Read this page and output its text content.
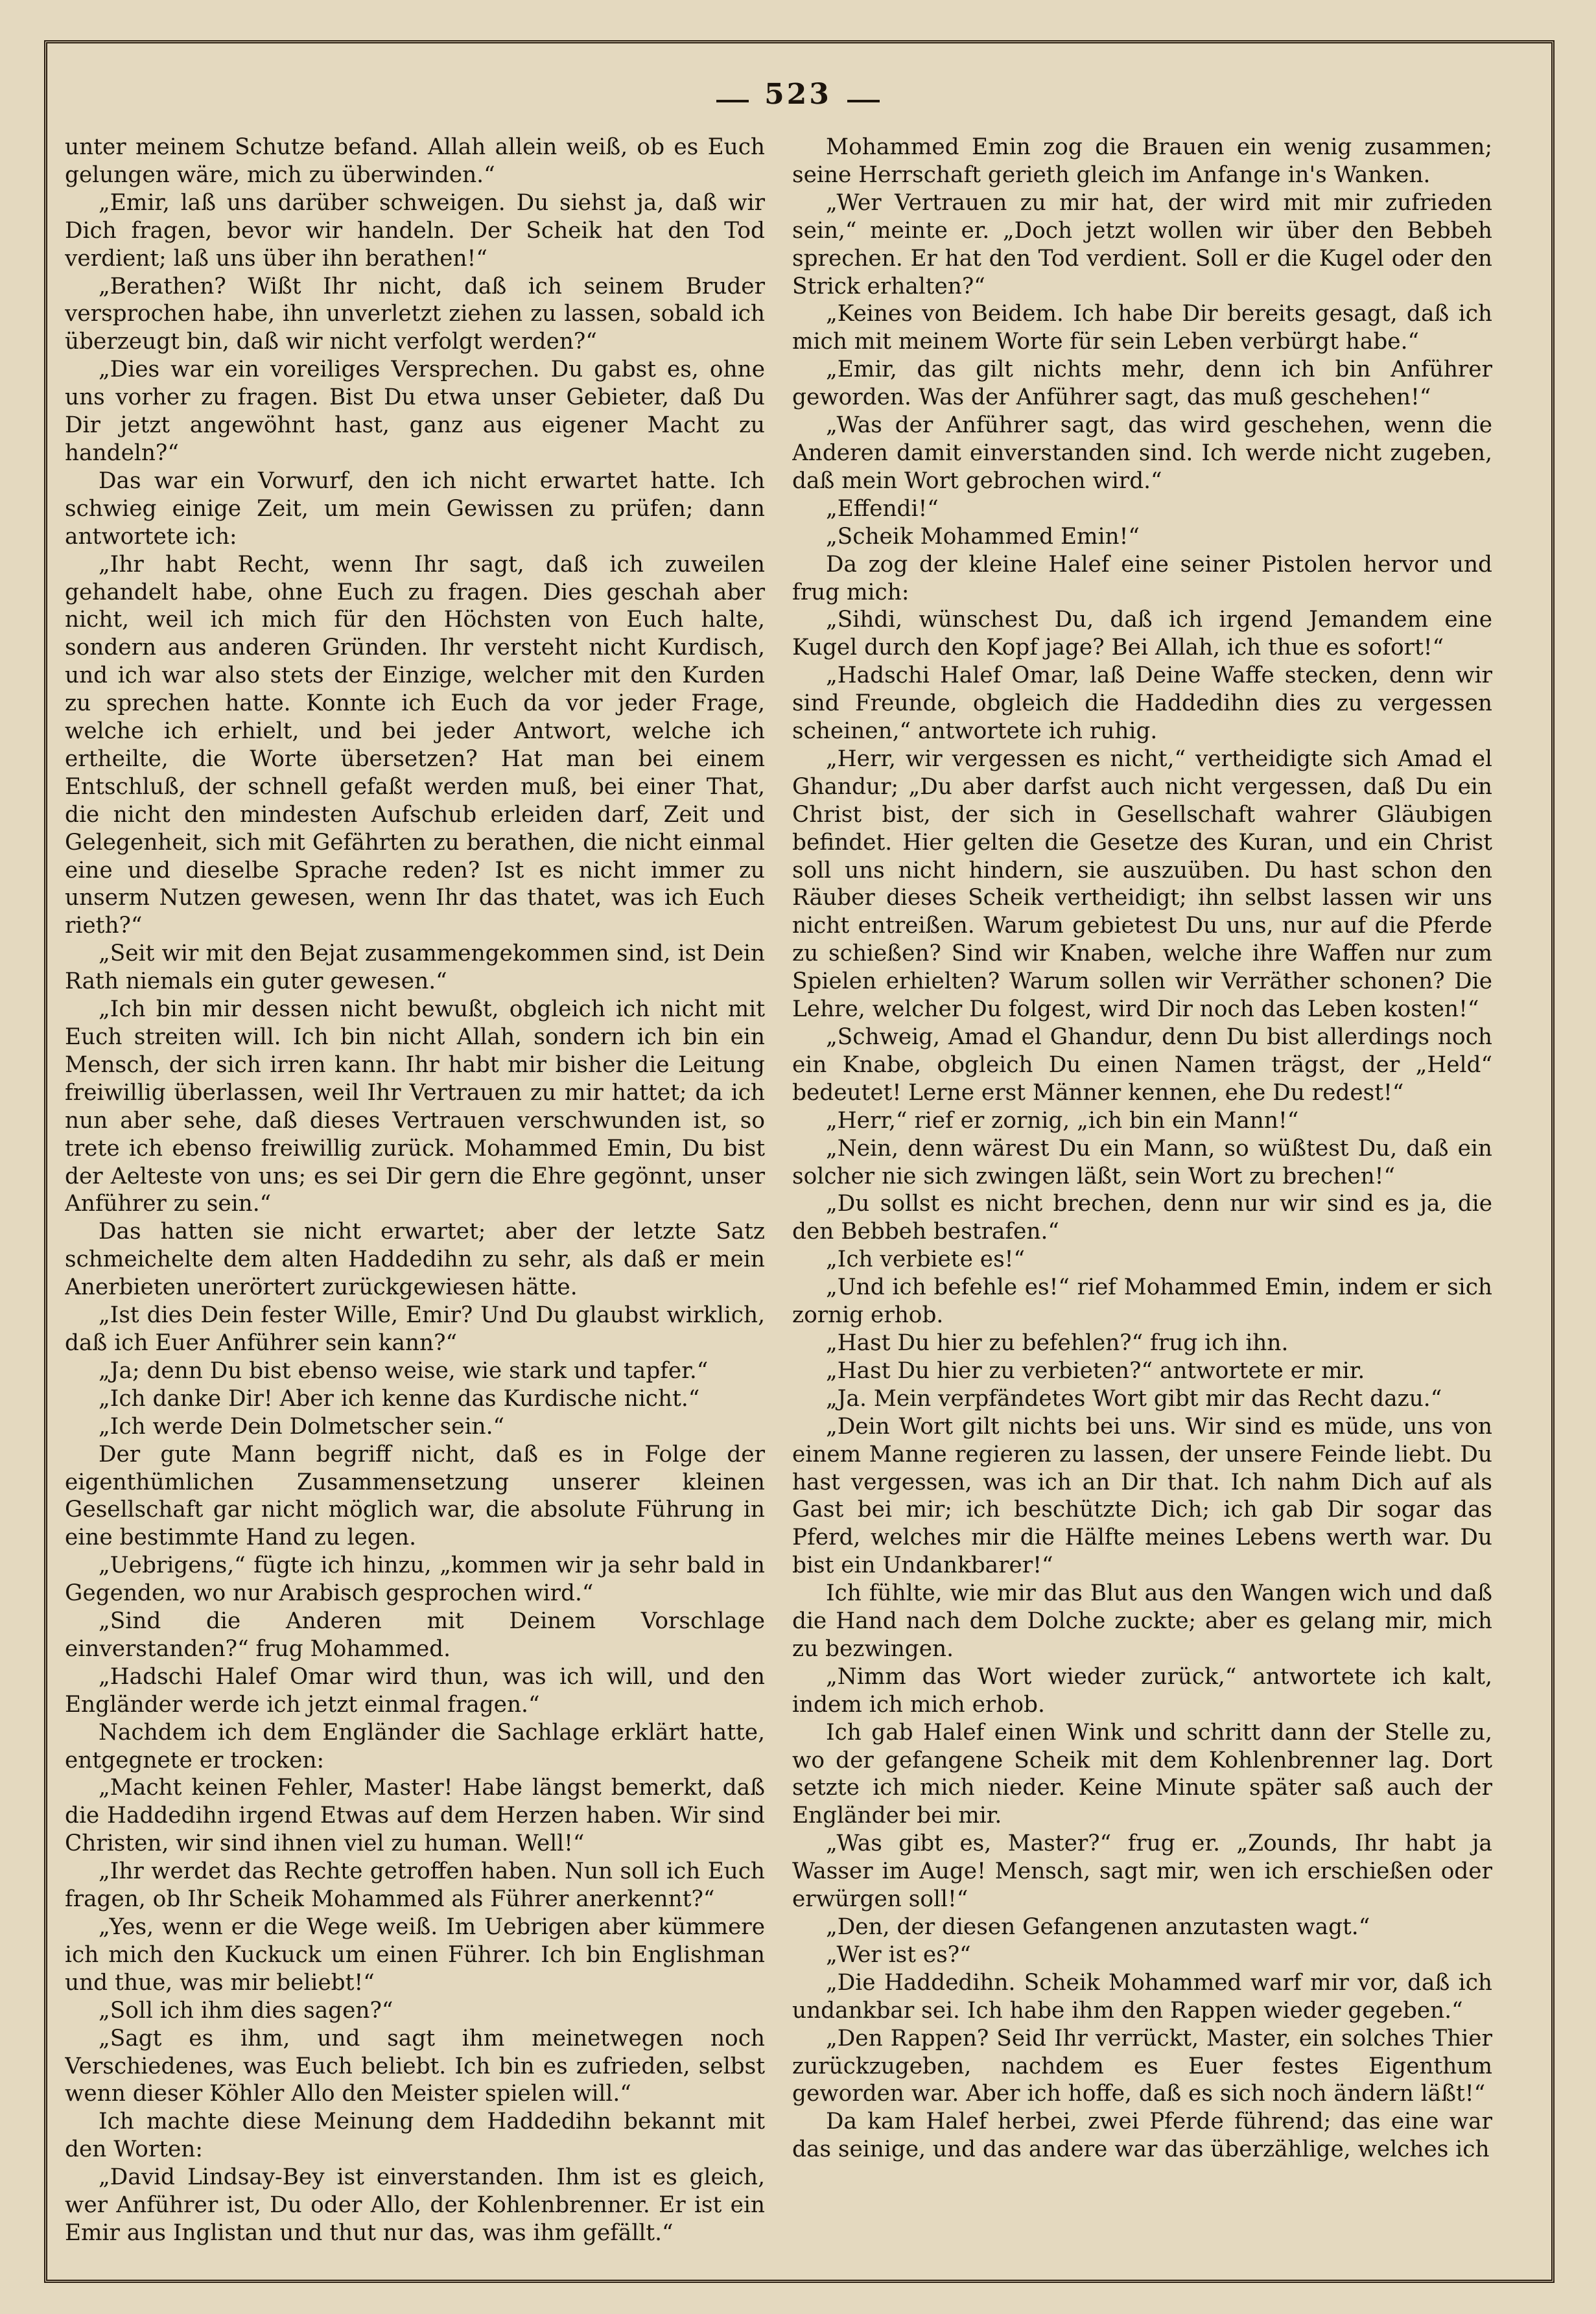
523

unter meinem Schutze befand. Allah allein weiß, ob es Euch gelungen wäre, mich zu überwinden.“

„Emir, laß uns darüber schweigen. Du siehst ja, daß wir Dich fragen, bevor wir handeln. Der Scheik hat den Tod verdient; laß uns über ihn berathen!“

„Berathen? Wißt Ihr nicht, daß ich seinem Bruder versprochen habe, ihn unverletzt ziehen zu lassen, sobald ich überzeugt bin, daß wir nicht verfolgt werden?“

„Dies war ein voreiliges Versprechen. Du gabst es, ohne uns vorher zu fragen. Bist Du etwa unser Gebieter, daß Du Dir jetzt angewöhnt hast, ganz aus eigener Macht zu handeln?“

Das war ein Vorwurf, den ich nicht erwartet hatte. Ich schwieg einige Zeit, um mein Gewissen zu prüfen; dann antwortete ich:

„Ihr habt Recht, wenn Ihr sagt, daß ich zuweilen gehandelt habe, ohne Euch zu fragen. Dies geschah aber nicht, weil ich mich für den Höchsten von Euch halte, sondern aus anderen Gründen. Ihr versteht nicht Kurdisch, und ich war also stets der Einzige, welcher mit den Kurden zu sprechen hatte. Konnte ich Euch da vor jeder Frage, welche ich erhielt, und bei jeder Antwort, welche ich ertheilte, die Worte übersetzen? Hat man bei einem Entschluß, der schnell gefaßt werden muß, bei einer That, die nicht den mindesten Aufschub erleiden darf, Zeit und Gelegenheit, sich mit Gefährten zu berathen, die nicht einmal eine und dieselbe Sprache reden? Ist es nicht immer zu unserm Nutzen gewesen, wenn Ihr das thatet, was ich Euch rieth?“

„Seit wir mit den Bejat zusammengekommen sind, ist Dein Rath niemals ein guter gewesen.“

„Ich bin mir dessen nicht bewußt, obgleich ich nicht mit Euch streiten will. Ich bin nicht Allah, sondern ich bin ein Mensch, der sich irren kann. Ihr habt mir bisher die Leitung freiwillig überlassen, weil Ihr Vertrauen zu mir hattet; da ich nun aber sehe, daß dieses Vertrauen verschwunden ist, so trete ich ebenso freiwillig zurück. Mohammed Emin, Du bist der Aelteste von uns; es sei Dir gern die Ehre gegönnt, unser Anführer zu sein.“

Das hatten sie nicht erwartet; aber der letzte Satz schmeichelte dem alten Haddedihn zu sehr, als daß er mein Anerbieten unerörtert zurückgewiesen hätte.

„Ist dies Dein fester Wille, Emir? Und Du glaubst wirklich, daß ich Euer Anführer sein kann?“

„Ja; denn Du bist ebenso weise, wie stark und tapfer.“

„Ich danke Dir! Aber ich kenne das Kurdische nicht.“

„Ich werde Dein Dolmetscher sein.“

Der gute Mann begriff nicht, daß es in Folge der eigenthümlichen Zusammensetzung unserer kleinen Gesellschaft gar nicht möglich war, die absolute Führung in eine bestimmte Hand zu legen.

„Uebrigens,“ fügte ich hinzu, „kommen wir ja sehr bald in Gegenden, wo nur Arabisch gesprochen wird.“

„Sind die Anderen mit Deinem Vorschlage einverstanden?“ frug Mohammed.

„Hadschi Halef Omar wird thun, was ich will, und den Engländer werde ich jetzt einmal fragen.“

Nachdem ich dem Engländer die Sachlage erklärt hatte, entgegnete er trocken:

„Macht keinen Fehler, Master! Habe längst bemerkt, daß die Haddedihn irgend Etwas auf dem Herzen haben. Wir sind Christen, wir sind ihnen viel zu human. Well!“

„Ihr werdet das Rechte getroffen haben. Nun soll ich Euch fragen, ob Ihr Scheik Mohammed als Führer anerkennt?“

„Yes, wenn er die Wege weiß. Im Uebrigen aber kümmere ich mich den Kuckuck um einen Führer. Ich bin Englishman und thue, was mir beliebt!“

„Soll ich ihm dies sagen?“

„Sagt es ihm, und sagt ihm meinetwegen noch Verschiedenes, was Euch beliebt. Ich bin es zufrieden, selbst wenn dieser Köhler Allo den Meister spielen will.“

Ich machte diese Meinung dem Haddedihn bekannt mit den Worten:

„David Lindsay-Bey ist einverstanden. Ihm ist es gleich, wer Anführer ist, Du oder Allo, der Kohlenbrenner. Er ist ein Emir aus Inglistan und thut nur das, was ihm gefällt.“

Mohammed Emin zog die Brauen ein wenig zusammen; seine Herrschaft gerieth gleich im Anfange in's Wanken.

„Wer Vertrauen zu mir hat, der wird mit mir zufrieden sein,“ meinte er. „Doch jetzt wollen wir über den Bebbeh sprechen. Er hat den Tod verdient. Soll er die Kugel oder den Strick erhalten?“

„Keines von Beidem. Ich habe Dir bereits gesagt, daß ich mich mit meinem Worte für sein Leben verbürgt habe.“

„Emir, das gilt nichts mehr, denn ich bin Anführer geworden. Was der Anführer sagt, das muß geschehen!“

„Was der Anführer sagt, das wird geschehen, wenn die Anderen damit einverstanden sind. Ich werde nicht zugeben, daß mein Wort gebrochen wird.“

„Effendi!“

„Scheik Mohammed Emin!“

Da zog der kleine Halef eine seiner Pistolen hervor und frug mich:

„Sihdi, wünschest Du, daß ich irgend Jemandem eine Kugel durch den Kopf jage? Bei Allah, ich thue es sofort!“

„Hadschi Halef Omar, laß Deine Waffe stecken, denn wir sind Freunde, obgleich die Haddedihn dies zu vergessen scheinen,“ antwortete ich ruhig.

„Herr, wir vergessen es nicht,“ vertheidigte sich Amad el Ghandur; „Du aber darfst auch nicht vergessen, daß Du ein Christ bist, der sich in Gesellschaft wahrer Gläubigen befindet. Hier gelten die Gesetze des Kuran, und ein Christ soll uns nicht hindern, sie auszuüben. Du hast schon den Räuber dieses Scheik vertheidigt; ihn selbst lassen wir uns nicht entreißen. Warum gebietest Du uns, nur auf die Pferde zu schießen? Sind wir Knaben, welche ihre Waffen nur zum Spielen erhielten? Warum sollen wir Verräther schonen? Die Lehre, welcher Du folgest, wird Dir noch das Leben kosten!“

„Schweig, Amad el Ghandur, denn Du bist allerdings noch ein Knabe, obgleich Du einen Namen trägst, der „Held“ bedeutet! Lerne erst Männer kennen, ehe Du redest!“

„Herr,“ rief er zornig, „ich bin ein Mann!“

„Nein, denn wärest Du ein Mann, so wüßtest Du, daß ein solcher nie sich zwingen läßt, sein Wort zu brechen!“

„Du sollst es nicht brechen, denn nur wir sind es ja, die den Bebbeh bestrafen.“

„Ich verbiete es!“

„Und ich befehle es!“ rief Mohammed Emin, indem er sich zornig erhob.

„Hast Du hier zu befehlen?“ frug ich ihn.

„Hast Du hier zu verbieten?“ antwortete er mir.

„Ja. Mein verpfändetes Wort gibt mir das Recht dazu.“

„Dein Wort gilt nichts bei uns. Wir sind es müde, uns von einem Manne regieren zu lassen, der unsere Feinde liebt. Du hast vergessen, was ich an Dir that. Ich nahm Dich auf als Gast bei mir; ich beschützte Dich; ich gab Dir sogar das Pferd, welches mir die Hälfte meines Lebens werth war. Du bist ein Undankbarer!“

Ich fühlte, wie mir das Blut aus den Wangen wich und daß die Hand nach dem Dolche zuckte; aber es gelang mir, mich zu bezwingen.

„Nimm das Wort wieder zurück,“ antwortete ich kalt, indem ich mich erhob.

Ich gab Halef einen Wink und schritt dann der Stelle zu, wo der gefangene Scheik mit dem Kohlenbrenner lag. Dort setzte ich mich nieder. Keine Minute später saß auch der Engländer bei mir.

„Was gibt es, Master?“ frug er. „Zounds, Ihr habt ja Wasser im Auge! Mensch, sagt mir, wen ich erschießen oder erwürgen soll!“

„Den, der diesen Gefangenen anzutasten wagt.“

„Wer ist es?“

„Die Haddedihn. Scheik Mohammed warf mir vor, daß ich undankbar sei. Ich habe ihm den Rappen wieder gegeben.“

„Den Rappen? Seid Ihr verrückt, Master, ein solches Thier zurückzugeben, nachdem es Euer festes Eigenthum geworden war. Aber ich hoffe, daß es sich noch ändern läßt!“

Da kam Halef herbei, zwei Pferde führend; das eine war das seinige, und das andere war das überzählige, welches ich
